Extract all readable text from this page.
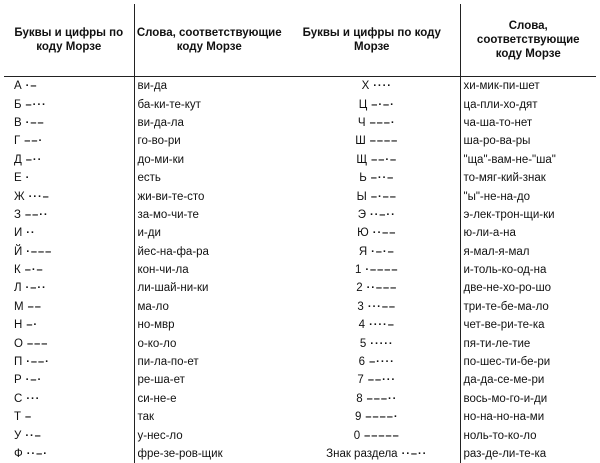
Буквы и цифры по коду Морзе	Слова, соответствующие коду Морзе	Буквы и цифры по коду Морзе	Слова, соответствующие коду Морзе
А ·–	ви-да	Х ····	хи-мик-пи-шет
Б –···	ба-ки-те-кут	Ц –·–·	ца-пли-хо-дят
В ·––	ви-да-ла	Ч –––·	ча-ша-то-нет
Г ––·	го-во-ри	Ш ––––	ша-ро-ва-ры
Д –··	до-ми-ки	Щ ––·–	"ща"-вам-не-"ша"
Е ·	есть	Ь –··–	то-мяг-кий-знак
Ж ···–	жи-ви-те-сто	Ы –·––	"ы"-не-на-до
З ––··	за-мо-чи-те	Э ··–··	э-лек-трон-щи-ки
И ··	и-ди	Ю ··––	ю-ли-а-на
Й ·–––	йес-на-фа-ра	Я ·–·–	я-мал-я-мал
К –·–	кон-чи-ла	1 ·––––	и-толь-ко-од-на
Л ·–··	ли-шай-ни-ки	2 ··–––	две-не-хо-ро-шо
М ––	ма-ло	3 ···––	три-те-бе-ма-ло
Н –·	но-мвр	4 ····–	чет-ве-ри-те-ка
О –––	о-ко-ло	5 ·····	пя-ти-ле-тие
П ·––·	пи-ла-по-ет	6 –····	по-шес-ти-бе-ри
Р ·–·	ре-ша-ет	7 ––···	да-да-се-ме-ри
С ···	си-не-е	8 –––··	вось-мо-го-и-ди
Т –	так	9 ––––·	но-на-но-на-ми
У ··–	у-нес-ло	0 –––––	ноль-то-ко-ло
Ф ··–·	фре-зе-ров-щик	Знак раздела ··–··	раз-де-ли-те-ка
